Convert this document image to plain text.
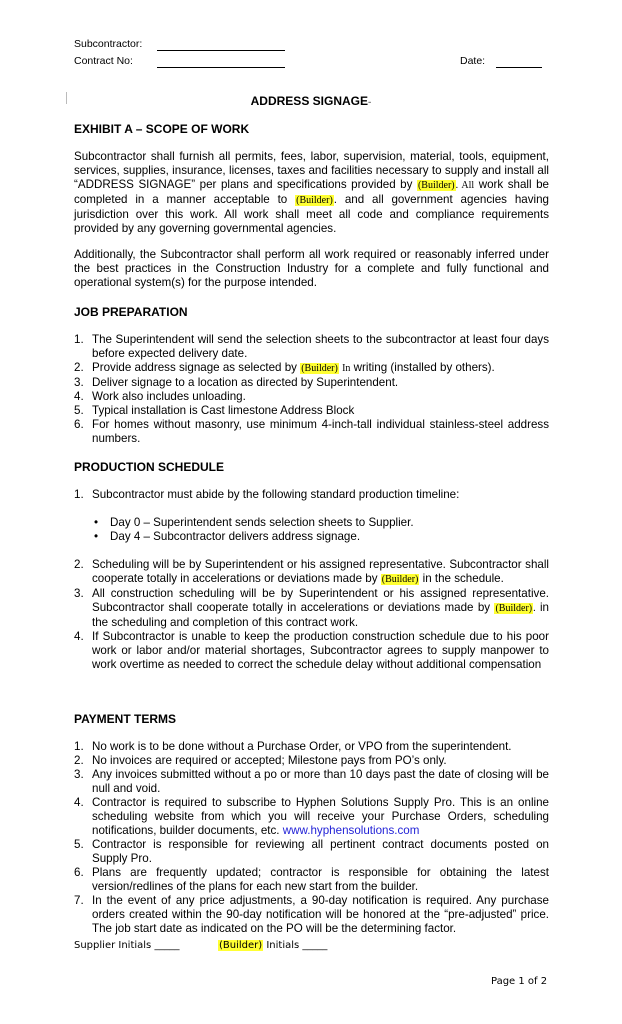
Subcontractor:
Contract No:	Date:
ADDRESS SIGNAGE-
EXHIBIT A – SCOPE OF WORK
Subcontractor shall furnish all permits, fees, labor, supervision, material, tools, equipment, services, supplies, insurance, licenses, taxes and facilities necessary to supply and install all “ADDRESS SIGNAGE” per plans and specifications provided by (Builder). All work shall be completed in a manner acceptable to (Builder). and all government agencies having jurisdiction over this work. All work shall meet all code and compliance requirements provided by any governing governmental agencies.
Additionally, the Subcontractor shall perform all work required or reasonably inferred under the best practices in the Construction Industry for a complete and fully functional and operational system(s) for the purpose intended.
JOB PREPARATION
1. The Superintendent will send the selection sheets to the subcontractor at least four days before expected delivery date.
2. Provide address signage as selected by (Builder) In writing (installed by others).
3. Deliver signage to a location as directed by Superintendent.
4. Work also includes unloading.
5. Typical installation is Cast limestone Address Block
6. For homes without masonry, use minimum 4-inch-tall individual stainless-steel address numbers.
PRODUCTION SCHEDULE
1. Subcontractor must abide by the following standard production timeline:
• Day 0 – Superintendent sends selection sheets to Supplier.
• Day 4 – Subcontractor delivers address signage.
2. Scheduling will be by Superintendent or his assigned representative. Subcontractor shall cooperate totally in accelerations or deviations made by (Builder) in the schedule.
3. All construction scheduling will be by Superintendent or his assigned representative. Subcontractor shall cooperate totally in accelerations or deviations made by (Builder). in the scheduling and completion of this contract work.
4. If Subcontractor is unable to keep the production construction schedule due to his poor work or labor and/or material shortages, Subcontractor agrees to supply manpower to work overtime as needed to correct the schedule delay without additional compensation
PAYMENT TERMS
1. No work is to be done without a Purchase Order, or VPO from the superintendent.
2. No invoices are required or accepted; Milestone pays from PO’s only.
3. Any invoices submitted without a po or more than 10 days past the date of closing will be null and void.
4. Contractor is required to subscribe to Hyphen Solutions Supply Pro. This is an online scheduling website from which you will receive your Purchase Orders, scheduling notifications, builder documents, etc. www.hyphensolutions.com
5. Contractor is responsible for reviewing all pertinent contract documents posted on Supply Pro.
6. Plans are frequently updated; contractor is responsible for obtaining the latest version/redlines of the plans for each new start from the builder.
7. In the event of any price adjustments, a 90-day notification is required. Any purchase orders created within the 90-day notification will be honored at the “pre-adjusted” price. The job start date as indicated on the PO will be the determining factor.
Supplier Initials _____	(Builder) Initials _____
Page 1 of 2
